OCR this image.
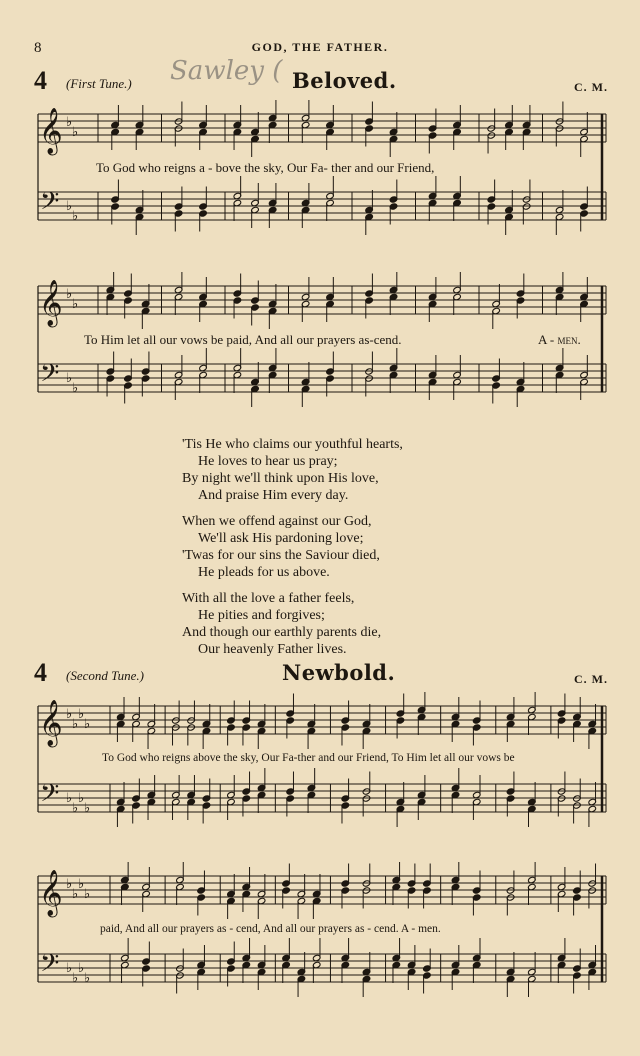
8	GOD, THE FATHER.
4 (First Tune.) Sawley ( Beloved.	C. M.
𝄞
𝄢
♭
♭
♭
♭
To God who reigns a - bove the sky, Our Fa- ther and our Friend,
𝄞
𝄢
♭
♭
♭
♭
To Him let all our vows be paid, And all our prayers as-cend.	A - men.
'Tis He who claims our youthful hearts,
He loves to hear us pray;
By night we'll think upon His love,
And praise Him every day.
When we offend against our God,
We'll ask His pardoning love;
'Twas for our sins the Saviour died,
He pleads for us above.
With all the love a father feels,
He pities and forgives;
And though our earthly parents die,
Our heavenly Father lives.
4 (Second Tune.)	Newbold.	C. M.
𝄞
𝄢
♭
♭
♭
♭
♭
♭
♭
♭
To God who reigns above the sky, Our Fa-ther and our Friend, To Him let all our vows be
𝄞
𝄢
♭
♭
♭
♭
♭
♭
♭
♭
paid, And all our prayers as - cend, And all our prayers as - cend. A - men.
